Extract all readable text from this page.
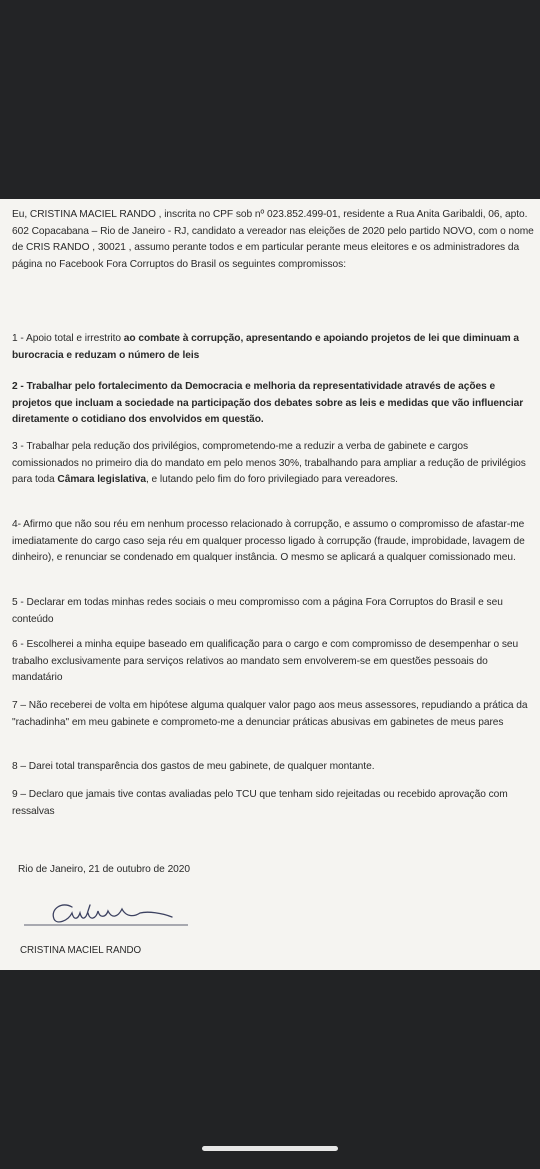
Eu, CRISTINA MACIEL RANDO , inscrita no CPF sob nº 023.852.499-01, residente a Rua Anita Garibaldi, 06, apto. 602 Copacabana – Rio de Janeiro - RJ, candidato a vereador nas eleições de 2020 pelo partido NOVO, com o nome de CRIS RANDO , 30021 , assumo perante todos e em particular perante meus eleitores e os administradores da página no Facebook Fora Corruptos do Brasil os seguintes compromissos:
1 - Apoio total e irrestrito ao combate à corrupção, apresentando e apoiando projetos de lei que diminuam a burocracia e reduzam o número de leis
2 - Trabalhar pelo fortalecimento da Democracia e melhoria da representatividade através de ações e projetos que incluam a sociedade na participação dos debates sobre as leis e medidas que vão influenciar diretamente o cotidiano dos envolvidos em questão.
3 - Trabalhar pela redução dos privilégios, comprometendo-me a reduzir a verba de gabinete e cargos comissionados no primeiro dia do mandato em pelo menos 30%, trabalhando para ampliar a redução de privilégios para toda Câmara legislativa, e lutando pelo fim do foro privilegiado para vereadores.
4- Afirmo que não sou réu em nenhum processo relacionado à corrupção, e assumo o compromisso de afastar-me imediatamente do cargo caso seja réu em qualquer processo ligado à corrupção (fraude, improbidade, lavagem de dinheiro), e renunciar se condenado em qualquer instância. O mesmo se aplicará a qualquer comissionado meu.
5 - Declarar em todas minhas redes sociais o meu compromisso com a página Fora Corruptos do Brasil e seu conteúdo
6 - Escolherei a minha equipe baseado em qualificação para o cargo e com compromisso de desempenhar o seu trabalho exclusivamente para serviços relativos ao mandato sem envolverem-se em questões pessoais do mandatário
7 – Não receberei de volta em hipótese alguma qualquer valor pago aos meus assessores, repudiando a prática da "rachadinha" em meu gabinete e comprometo-me a denunciar práticas abusivas em gabinetes de meus pares
8 – Darei total transparência dos gastos de meu gabinete, de qualquer montante.
9 – Declaro que jamais tive contas avaliadas pelo TCU que tenham sido rejeitadas ou recebido aprovação com ressalvas
Rio de Janeiro, 21 de outubro de 2020
CRISTINA MACIEL RANDO
